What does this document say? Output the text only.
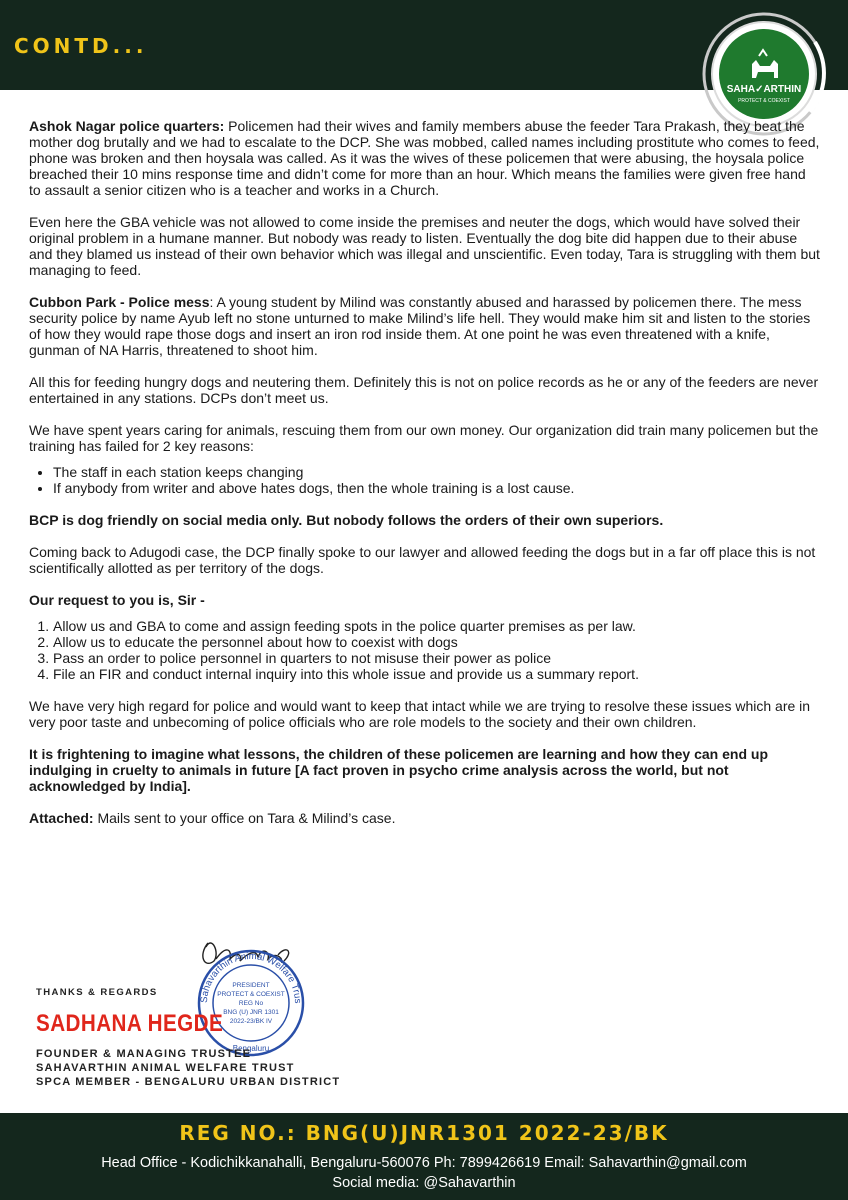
CONTD...
SAHA✓ARTHIN
PROTECT & COEXIST

Ashok Nagar police quarters: Policemen had their wives and family members abuse the feeder Tara Prakash, they beat the mother dog brutally and we had to escalate to the DCP. She was mobbed, called names including prostitute who comes to feed, phone was broken and then hoysala was called. As it was the wives of these policemen that were abusing, the hoysala police breached their 10 mins response time and didn’t come for more than an hour. Which means the families were given free hand to assault a senior citizen who is a teacher and works in a Church.

Even here the GBA vehicle was not allowed to come inside the premises and neuter the dogs, which would have solved their original problem in a humane manner. But nobody was ready to listen. Eventually the dog bite did happen due to their abuse and they blamed us instead of their own behavior which was illegal and unscientific. Even today, Tara is struggling with them but managing to feed.

Cubbon Park - Police mess: A young student by Milind was constantly abused and harassed by policemen there. The mess security police by name Ayub left no stone unturned to make Milind’s life hell. They would make him sit and listen to the stories of how they would rape those dogs and insert an iron rod inside them. At one point he was even threatened with a knife, gunman of NA Harris, threatened to shoot him.

All this for feeding hungry dogs and neutering them. Definitely this is not on police records as he or any of the feeders are never entertained in any stations. DCPs don’t meet us.

We have spent years caring for animals, rescuing them from our own money. Our organization did train many policemen but the training has failed for 2 key reasons:

• The staff in each station keeps changing
• If anybody from writer and above hates dogs, then the whole training is a lost cause.

BCP is dog friendly on social media only. But nobody follows the orders of their own superiors.

Coming back to Adugodi case, the DCP finally spoke to our lawyer and allowed feeding the dogs but in a far off place this is not scientifically allotted as per territory of the dogs.

Our request to you is, Sir -

1. Allow us and GBA to come and assign feeding spots in the police quarter premises as per law.
2. Allow us to educate the personnel about how to coexist with dogs
3. Pass an order to police personnel in quarters to not misuse their power as police
4. File an FIR and conduct internal inquiry into this whole issue and provide us a summary report.

We have very high regard for police and would want to keep that intact while we are trying to resolve these issues which are in very poor taste and unbecoming of police officials who are role models to the society and their own children.

It is frightening to imagine what lessons, the children of these policemen are learning and how they can end up indulging in cruelty to animals in future [A fact proven in psycho crime analysis across the world, but not acknowledged by India].

Attached: Mails sent to your office on Tara & Milind’s case.

Sahavarthin Animal Welfare Trus
PRESIDENT
PROTECT & COEXIST
REG No
BNG (U) JNR 1301
2022-23/BK IV
Bengaluru
THANKS & REGARDS
SADHANA HEGDE
FOUNDER & MANAGING TRUSTEE
SAHAVARTHIN ANIMAL WELFARE TRUST
SPCA MEMBER - BENGALURU URBAN DISTRICT
REG NO.: BNG(U)JNR1301 2022-23/BK
Head Office - Kodichikkanahalli, Bengaluru-560076 Ph: 7899426619 Email: Sahavarthin@gmail.com
Social media: @Sahavarthin
